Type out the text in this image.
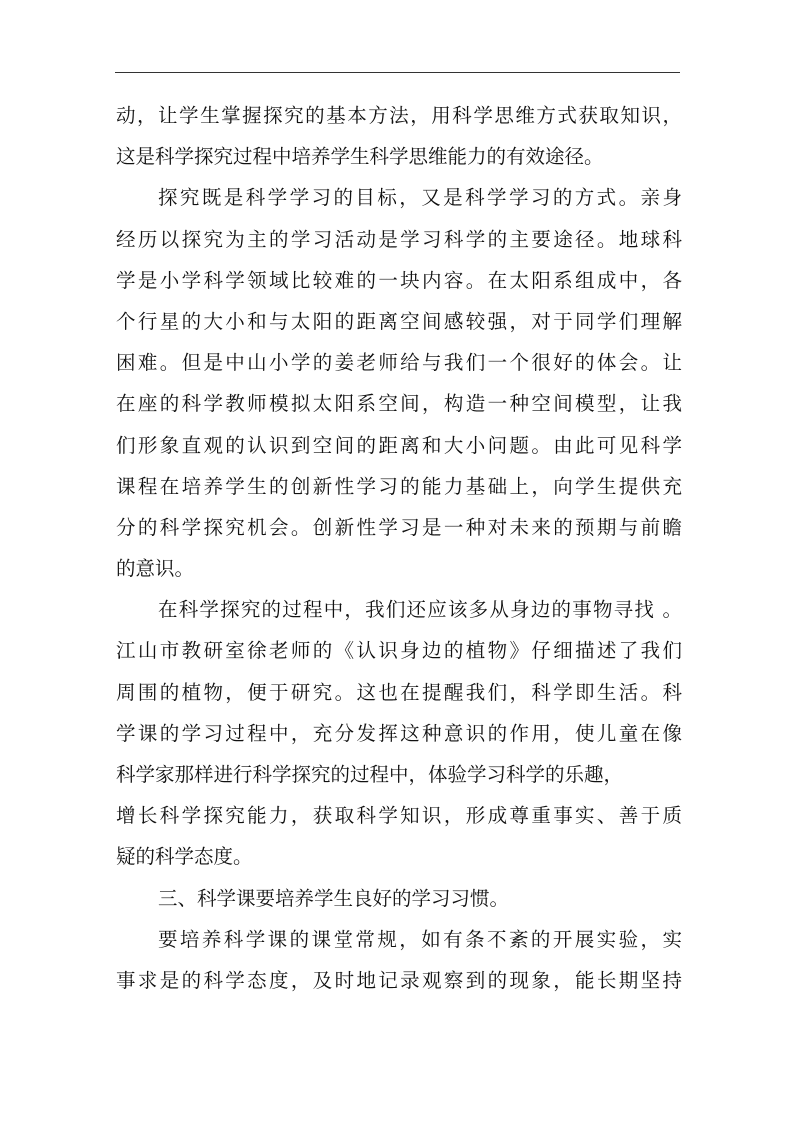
动，让学生掌握探究的基本方法，用科学思维方式获取知识，
这是科学探究过程中培养学生科学思维能力的有效途径。
探究既是科学学习的目标，又是科学学习的方式。亲身
经历以探究为主的学习活动是学习科学的主要途径。地球科
学是小学科学领域比较难的一块内容。在太阳系组成中，各
个行星的大小和与太阳的距离空间感较强，对于同学们理解
困难。但是中山小学的姜老师给与我们一个很好的体会。让
在座的科学教师模拟太阳系空间，构造一种空间模型，让我
们形象直观的认识到空间的距离和大小问题。由此可见科学
课程在培养学生的创新性学习的能力基础上，向学生提供充
分的科学探究机会。创新性学习是一种对未来的预期与前瞻
的意识。
在科学探究的过程中，我们还应该多从身边的事物寻找 。
江山市教研室徐老师的《认识身边的植物》仔细描述了我们
周围的植物，便于研究。这也在提醒我们，科学即生活。科
学课的学习过程中，充分发挥这种意识的作用，使儿童在像
科学家那样进行科学探究的过程中，体验学习科学的乐趣，
增长科学探究能力，获取科学知识，形成尊重事实、善于质
疑的科学态度。
三、科学课要培养学生良好的学习习惯。
要培养科学课的课堂常规，如有条不紊的开展实验，实
事求是的科学态度，及时地记录观察到的现象，能长期坚持
